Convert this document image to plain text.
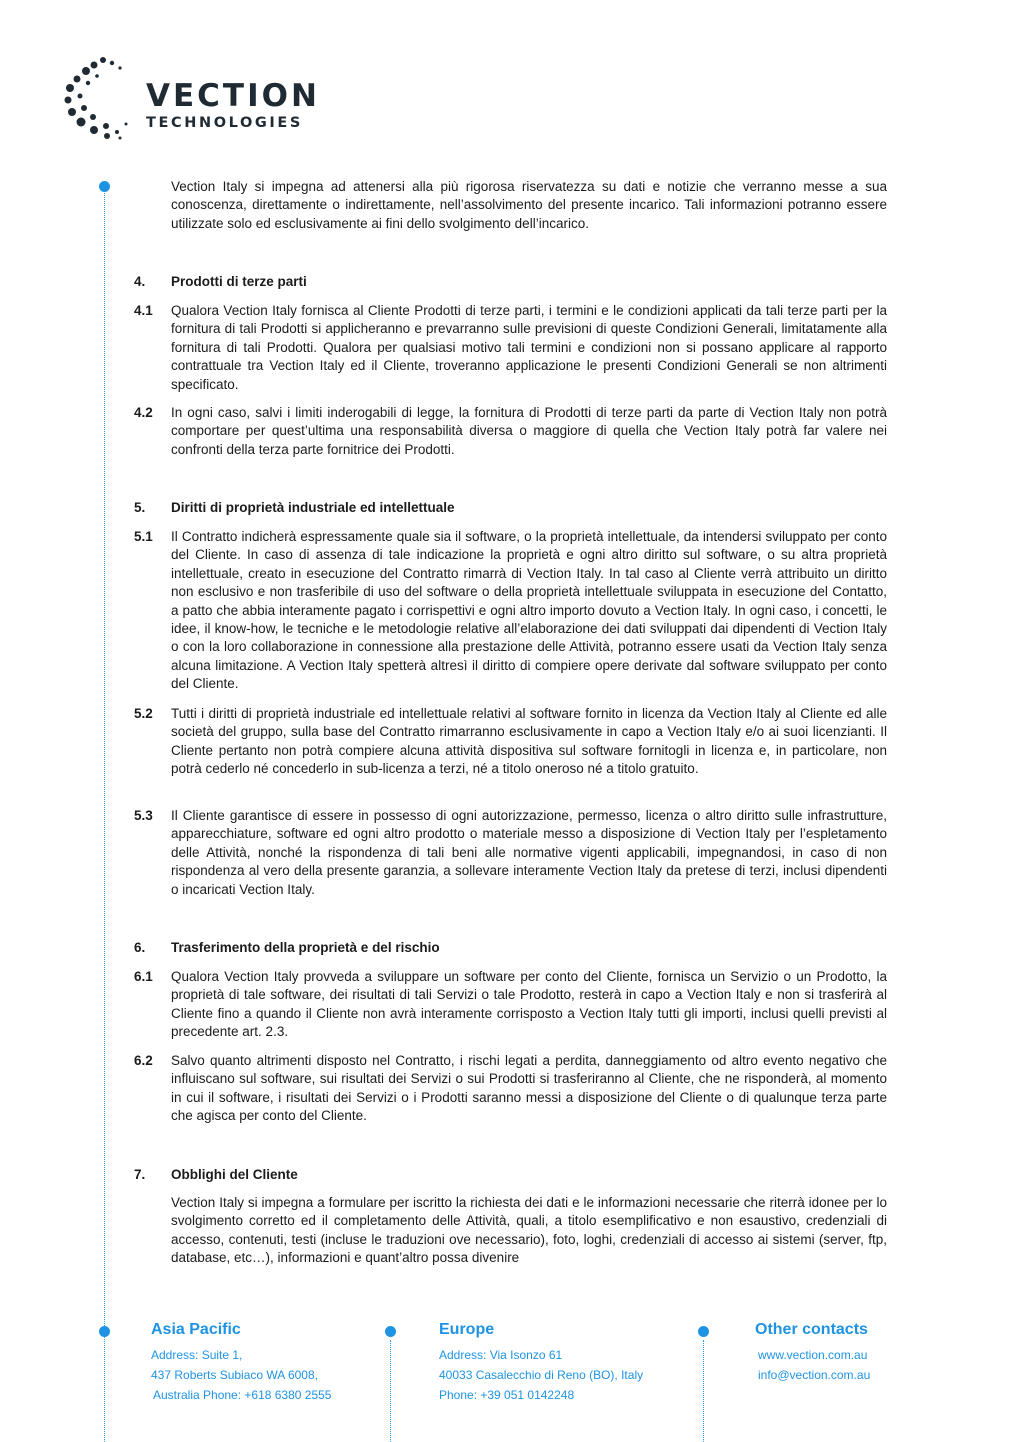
VECTION
TECHNOLOGIES
Vection Italy si impegna ad attenersi alla più rigorosa riservatezza su dati e notizie che verranno messe a sua conoscenza, direttamente o indirettamente, nell’assolvimento del presente incarico. Tali informazioni potranno essere utilizzate solo ed esclusivamente ai fini dello svolgimento dell’incarico.
4. Prodotti di terze parti
4.1 Qualora Vection Italy fornisca al Cliente Prodotti di terze parti, i termini e le condizioni applicati da tali terze parti per la fornitura di tali Prodotti si applicheranno e prevarranno sulle previsioni di queste Condizioni Generali, limitatamente alla fornitura di tali Prodotti. Qualora per qualsiasi motivo tali termini e condizioni non si possano applicare al rapporto contrattuale tra Vection Italy ed il Cliente, troveranno applicazione le presenti Condizioni Generali se non altrimenti specificato.
4.2 In ogni caso, salvi i limiti inderogabili di legge, la fornitura di Prodotti di terze parti da parte di Vection Italy non potrà comportare per quest’ultima una responsabilità diversa o maggiore di quella che Vection Italy potrà far valere nei confronti della terza parte fornitrice dei Prodotti.
5. Diritti di proprietà industriale ed intellettuale
5.1 Il Contratto indicherà espressamente quale sia il software, o la proprietà intellettuale, da intendersi sviluppato per conto del Cliente. In caso di assenza di tale indicazione la proprietà e ogni altro diritto sul software, o su altra proprietà intellettuale, creato in esecuzione del Contratto rimarrà di Vection Italy. In tal caso al Cliente verrà attribuito un diritto non esclusivo e non trasferibile di uso del software o della proprietà intellettuale sviluppata in esecuzione del Contatto, a patto che abbia interamente pagato i corrispettivi e ogni altro importo dovuto a Vection Italy. In ogni caso, i concetti, le idee, il know-how, le tecniche e le metodologie relative all’elaborazione dei dati sviluppati dai dipendenti di Vection Italy o con la loro collaborazione in connessione alla prestazione delle Attività, potranno essere usati da Vection Italy senza alcuna limitazione. A Vection Italy spetterà altresì il diritto di compiere opere derivate dal software sviluppato per conto del Cliente.
5.2 Tutti i diritti di proprietà industriale ed intellettuale relativi al software fornito in licenza da Vection Italy al Cliente ed alle società del gruppo, sulla base del Contratto rimarranno esclusivamente in capo a Vection Italy e/o ai suoi licenzianti. Il Cliente pertanto non potrà compiere alcuna attività dispositiva sul software fornitogli in licenza e, in particolare, non potrà cederlo né concederlo in sub-licenza a terzi, né a titolo oneroso né a titolo gratuito.
5.3 Il Cliente garantisce di essere in possesso di ogni autorizzazione, permesso, licenza o altro diritto sulle infrastrutture, apparecchiature, software ed ogni altro prodotto o materiale messo a disposizione di Vection Italy per l’espletamento delle Attività, nonché la rispondenza di tali beni alle normative vigenti applicabili, impegnandosi, in caso di non rispondenza al vero della presente garanzia, a sollevare interamente Vection Italy da pretese di terzi, inclusi dipendenti o incaricati Vection Italy.
6. Trasferimento della proprietà e del rischio
6.1 Qualora Vection Italy provveda a sviluppare un software per conto del Cliente, fornisca un Servizio o un Prodotto, la proprietà di tale software, dei risultati di tali Servizi o tale Prodotto, resterà in capo a Vection Italy e non si trasferirà al Cliente fino a quando il Cliente non avrà interamente corrisposto a Vection Italy tutti gli importi, inclusi quelli previsti al precedente art. 2.3.
6.2 Salvo quanto altrimenti disposto nel Contratto, i rischi legati a perdita, danneggiamento od altro evento negativo che influiscano sul software, sui risultati dei Servizi o sui Prodotti si trasferiranno al Cliente, che ne risponderà, al momento in cui il software, i risultati dei Servizi o i Prodotti saranno messi a disposizione del Cliente o di qualunque terza parte che agisca per conto del Cliente.
7. Obblighi del Cliente
Vection Italy si impegna a formulare per iscritto la richiesta dei dati e le informazioni necessarie che riterrà idonee per lo svolgimento corretto ed il completamento delle Attività, quali, a titolo esemplificativo e non esaustivo, credenziali di accesso, contenuti, testi (incluse le traduzioni ove necessario), foto, loghi, credenziali di accesso ai sistemi (server, ftp, database, etc…), informazioni e quant’altro possa divenire
Asia Pacific
Address: Suite 1,
437 Roberts Subiaco WA 6008,
Australia Phone: +618 6380 2555
Europe
Address: Via Isonzo 61
40033 Casalecchio di Reno (BO), Italy
Phone: +39 051 0142248
Other contacts
www.vection.com.au
info@vection.com.au
